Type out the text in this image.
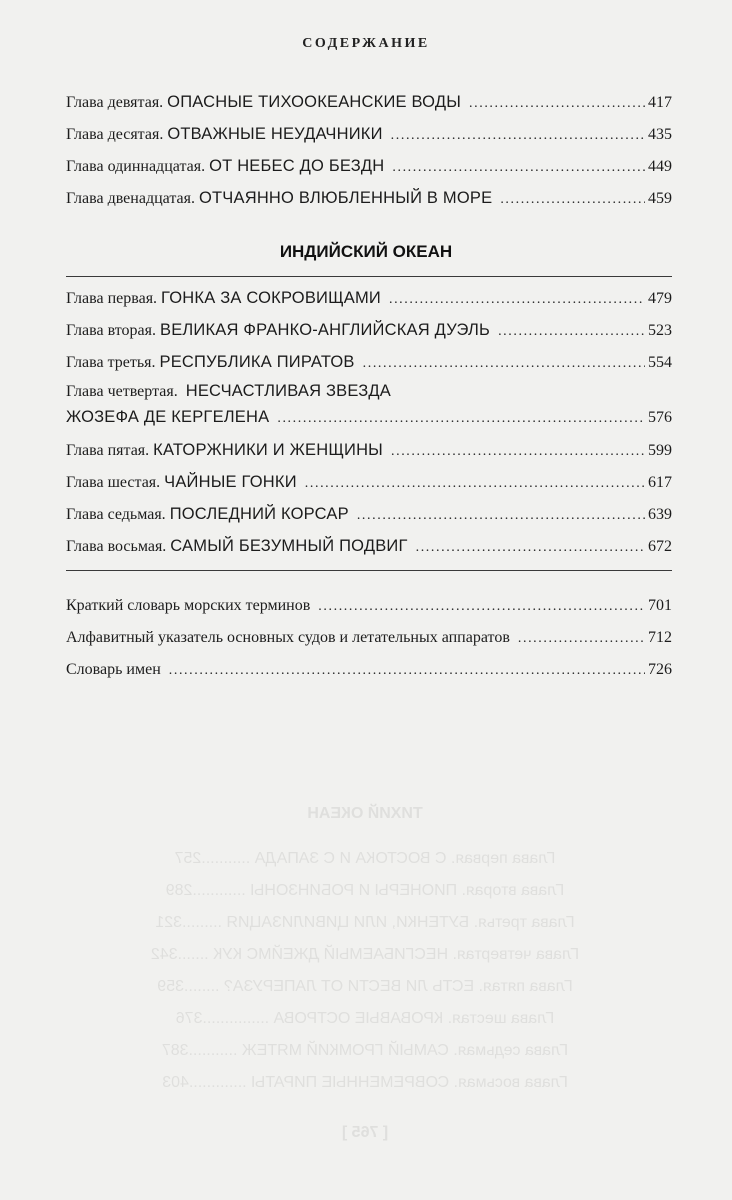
ТИХИЙ ОКЕАН
Глава первая. С ВОСТОКА И С ЗАПАДА ...........257
Глава вторая. ПИОНЕРЫ И РОБИНЗОНЫ ............289
Глава третья. БУТЕНКИ, ИЛИ ЦИВИЛИЗАЦИЯ .........321
Глава четвертая. НЕСГИБАЕМЫЙ ДЖЕЙМС КУК .......342
Глава пятая. ЕСТЬ ЛИ ВЕСТИ ОТ ЛАПЕРУЗА? ........359
Глава шестая. КРОВАВЫЕ ОСТРОВА ...............376
Глава седьмая. САМЫЙ ГРОМКИЙ МЯТЕЖ ...........387
Глава восьмая. СОВРЕМЕННЫЕ ПИРАТЫ .............403
[ 765 ]
СОДЕРЖАНИЕ
Глава девятая. ОПАСНЫЕ ТИХООКЕАНСКИЕ ВОДЫ .....	417
Глава десятая. ОТВАЖНЫЕ НЕУДАЧНИКИ .....	435
Глава одиннадцатая. ОТ НЕБЕС ДО БЕЗДН .....	449
Глава двенадцатая. ОТЧАЯННО ВЛЮБЛЕННЫЙ В МОРЕ .....	459
ИНДИЙСКИЙ ОКЕАН
Глава первая. ГОНКА ЗА СОКРОВИЩАМИ .....	479
Глава вторая. ВЕЛИКАЯ ФРАНКО-АНГЛИЙСКАЯ ДУЭЛЬ .....	523
Глава третья. РЕСПУБЛИКА ПИРАТОВ .....	554
Глава четвертая. НЕСЧАСТЛИВАЯ ЗВЕЗДА
ЖОЗЕФА ДЕ КЕРГЕЛЕНА .....	576
Глава пятая. КАТОРЖНИКИ И ЖЕНЩИНЫ .....	599
Глава шестая. ЧАЙНЫЕ ГОНКИ .....	617
Глава седьмая. ПОСЛЕДНИЙ КОРСАР .....	639
Глава восьмая. САМЫЙ БЕЗУМНЫЙ ПОДВИГ .....	672
Краткий словарь морских терминов .....	701
Алфавитный указатель основных судов и летательных аппаратов .....	712
Словарь имен .....	726
